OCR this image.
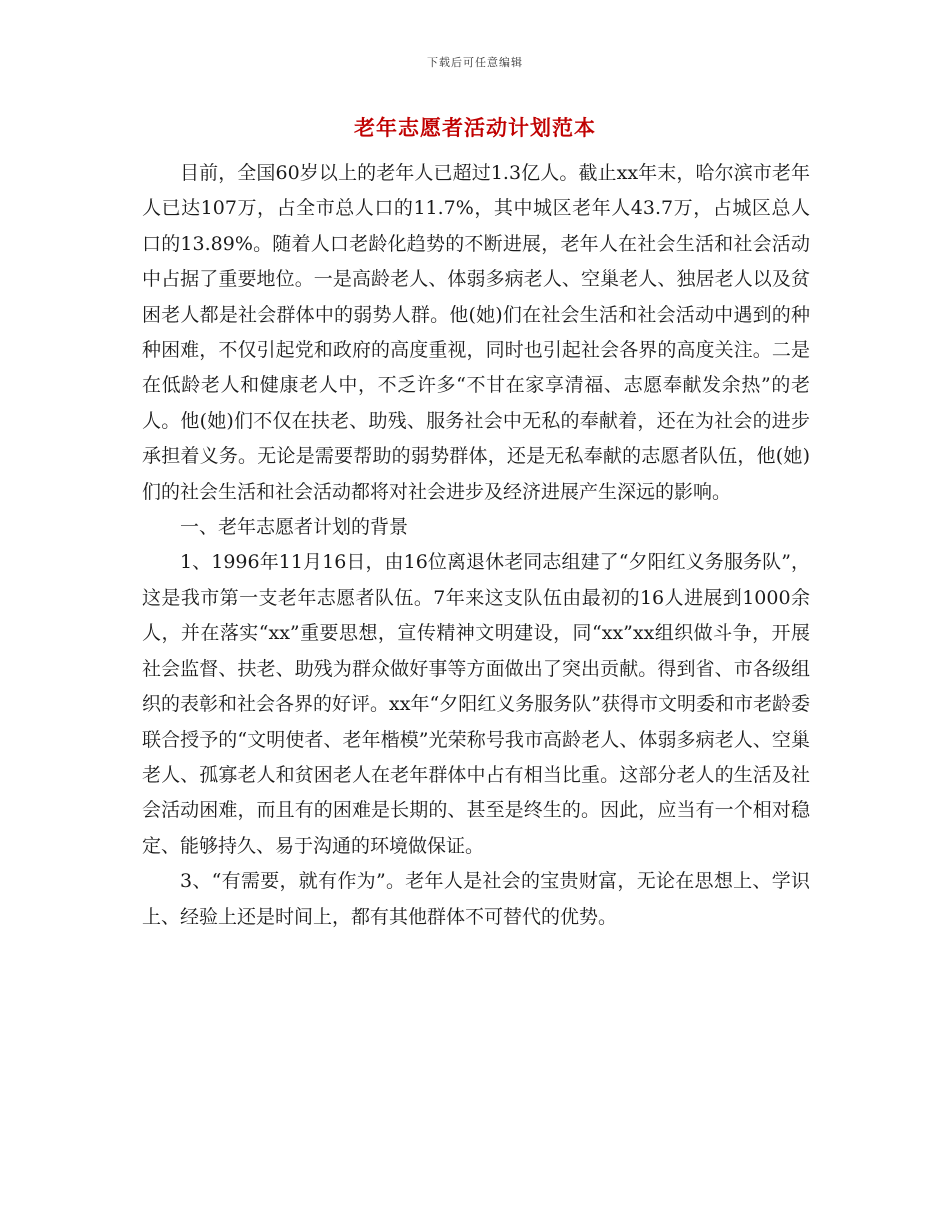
下载后可任意编辑
老年志愿者活动计划范本

目前，全国60岁以上的老年人已超过1.3亿人。截止xx年末，哈尔滨市老年人已达107万，占全市总人口的11.7%，其中城区老年人43.7万，占城区总人口的13.89%。随着人口老龄化趋势的不断进展，老年人在社会生活和社会活动中占据了重要地位。一是高龄老人、体弱多病老人、空巢老人、独居老人以及贫困老人都是社会群体中的弱势人群。他(她)们在社会生活和社会活动中遇到的种种困难，不仅引起党和政府的高度重视，同时也引起社会各界的高度关注。二是在低龄老人和健康老人中，不乏许多“不甘在家享清福、志愿奉献发余热”的老人。他(她)们不仅在扶老、助残、服务社会中无私的奉献着，还在为社会的进步承担着义务。无论是需要帮助的弱势群体，还是无私奉献的志愿者队伍，他(她)们的社会生活和社会活动都将对社会进步及经济进展产生深远的影响。

一、老年志愿者计划的背景

1、1996年11月16日，由16位离退休老同志组建了“夕阳红义务服务队”，这是我市第一支老年志愿者队伍。7年来这支队伍由最初的16人进展到1000余人，并在落实“xx”重要思想，宣传精神文明建设，同“xx”xx组织做斗争，开展社会监督、扶老、助残为群众做好事等方面做出了突出贡献。得到省、市各级组织的表彰和社会各界的好评。xx年“夕阳红义务服务队”获得市文明委和市老龄委联合授予的“文明使者、老年楷模”光荣称号我市高龄老人、体弱多病老人、空巢老人、孤寡老人和贫困老人在老年群体中占有相当比重。这部分老人的生活及社会活动困难，而且有的困难是长期的、甚至是终生的。因此，应当有一个相对稳定、能够持久、易于沟通的环境做保证。

3、“有需要，就有作为”。老年人是社会的宝贵财富，无论在思想上、学识上、经验上还是时间上，都有其他群体不可替代的优势。
